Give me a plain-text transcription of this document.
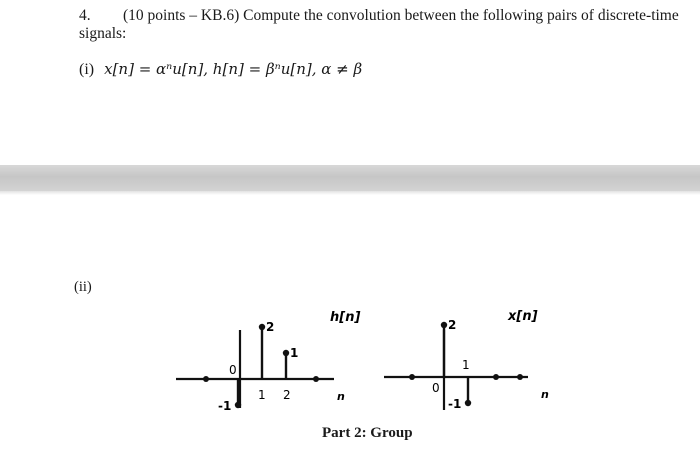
4. (10 points – KB.6) Compute the convolution between the following pairs of discrete-time
signals:
(i) x[n] = αⁿu[n], h[n] = βⁿu[n], α ≠ β
(ii)
h[n]
n
0
1 2
-1
2
1
x[n]
n
0
1
-1
2
Part 2: Group
